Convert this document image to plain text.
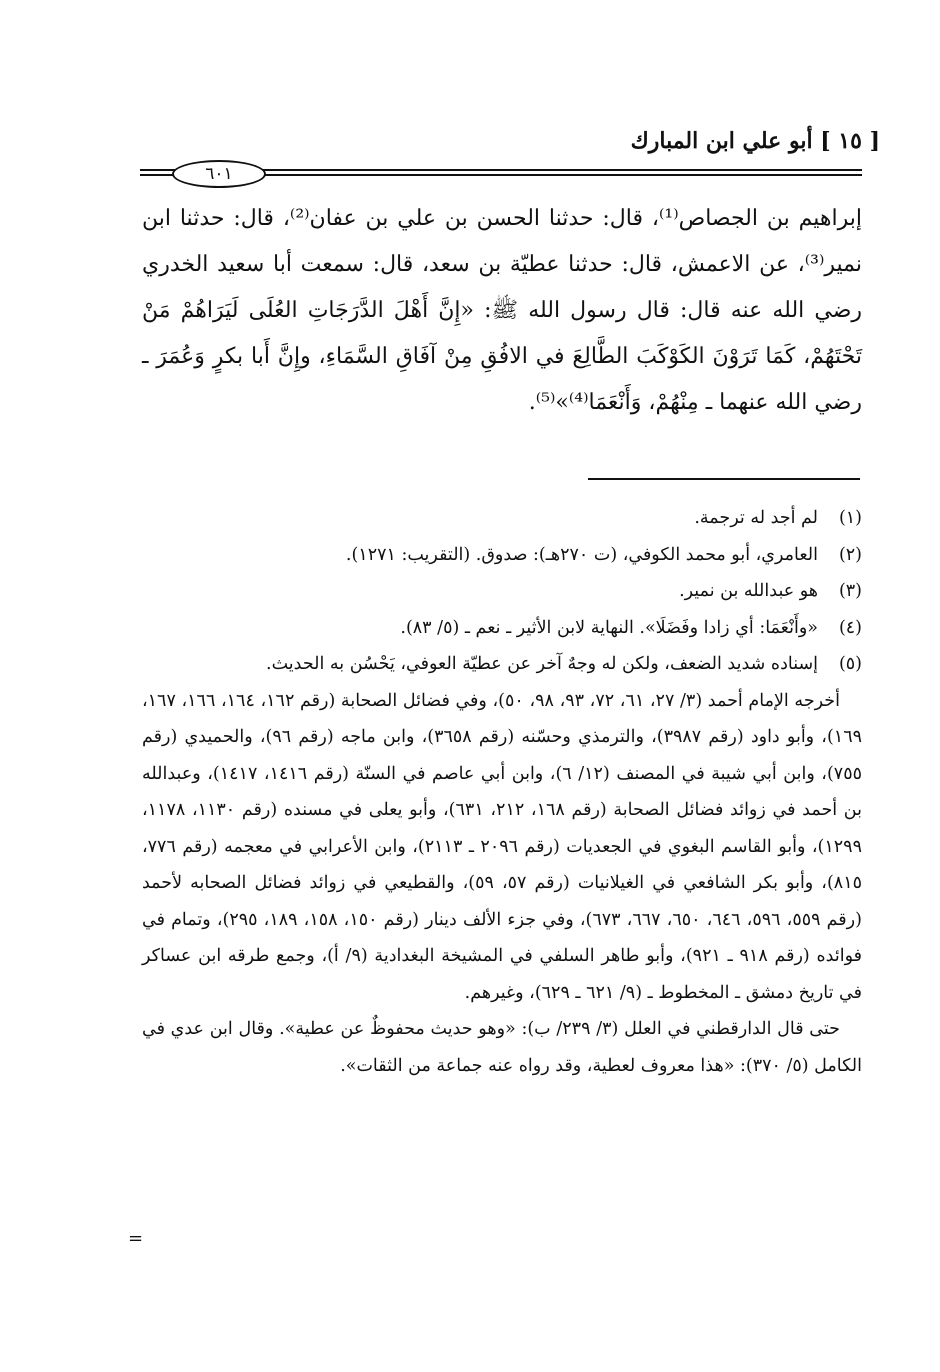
[ ١٥ ] أبو علي ابن المبارك
٦٠١

إبراهيم بن الجصاص⁽¹⁾، قال: حدثنا الحسن بن علي بن عفان⁽²⁾، قال: حدثنا ابن نمير⁽³⁾، عن الاعمش، قال: حدثنا عطيّة بن سعد، قال: سمعت أبا سعيد الخدري رضي الله عنه قال: قال رسول الله ﷺ: «إِنَّ أَهْلَ الدَّرَجَاتِ العُلَى لَيَرَاهُمْ مَنْ تَحْتَهُمْ، كَمَا تَرَوْنَ الكَوْكَبَ الطَّالِعَ في الافُقِ مِنْ آفَاقِ السَّمَاءِ، وإِنَّ أَبا بكرٍ وَعُمَرَ ـ رضي الله عنهما ـ مِنْهُمْ، وَأَنْعَمَا⁽⁴⁾»⁽⁵⁾.

(١)
لم أجد له ترجمة.
(٢)
العامري، أبو محمد الكوفي، (ت ٢٧٠هـ): صدوق. (التقريب: ١٢٧١).
(٣)
هو عبدالله بن نمير.
(٤)
«وأَنْعَمَا: أي زادا وفَضَلَا». النهاية لابن الأثير ـ نعم ـ (٥/ ٨٣).
(٥)
إسناده شديد الضعف، ولكن له وجهٌ آخر عن عطيّة العوفي، يَحْسُن به الحديث.
أخرجه الإمام أحمد (٣/ ٢٧، ٦١، ٧٢، ٩٣، ٩٨، ٥٠)، وفي فضائل الصحابة (رقم ١٦٢، ١٦٤، ١٦٦، ١٦٧، ١٦٩)، وأبو داود (رقم ٣٩٨٧)، والترمذي وحسّنه (رقم ٣٦٥٨)، وابن ماجه (رقم ٩٦)، والحميدي (رقم ٧٥٥)، وابن أبي شيبة في المصنف (١٢/ ٦)، وابن أبي عاصم في السنّة (رقم ١٤١٦، ١٤١٧)، وعبدالله بن أحمد في زوائد فضائل الصحابة (رقم ١٦٨، ٢١٢، ٦٣١)، وأبو يعلى في مسنده (رقم ١١٣٠، ١١٧٨، ١٢٩٩)، وأبو القاسم البغوي في الجعديات (رقم ٢٠٩٦ ـ ٢١١٣)، وابن الأعرابي في معجمه (رقم ٧٧٦، ٨١٥)، وأبو بكر الشافعي في الغيلانيات (رقم ٥٧، ٥٩)، والقطيعي في زوائد فضائل الصحابه لأحمد (رقم ٥٥٩، ٥٩٦، ٦٤٦، ٦٥٠، ٦٦٧، ٦٧٣)، وفي جزء الألف دينار (رقم ١٥٠، ١٥٨، ١٨٩، ٢٩٥)، وتمام في فوائده (رقم ٩١٨ ـ ٩٢١)، وأبو طاهر السلفي في المشيخة البغدادية (٩/ أ)، وجمع طرقه ابن عساكر في تاريخ دمشق ـ المخطوط ـ (٩/ ٦٢١ ـ ٦٢٩)، وغيرهم.
حتى قال الدارقطني في العلل (٣/ ٢٣٩/ ب): «وهو حديث محفوظٌ عن عطية». وقال ابن عدي في الكامل (٥/ ٣٧٠): «هذا معروف لعطية، وقد رواه عنه جماعة من الثقات».
=
